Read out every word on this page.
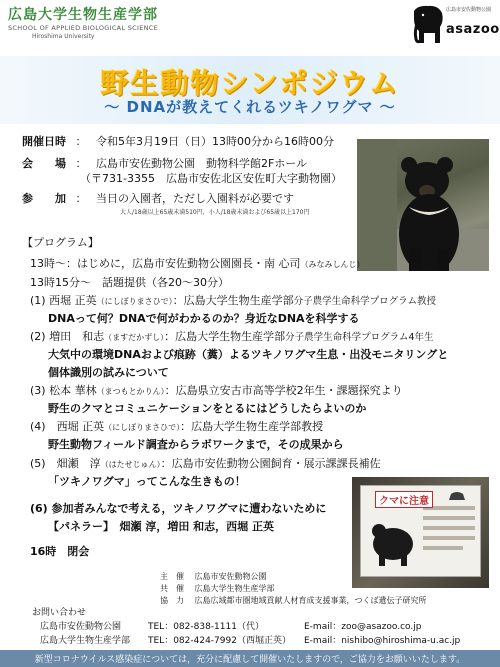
広島大学生物生産学部
SCHOOL OF APPLIED BIOLOGICAL SCIENCE
Hiroshima University
広島市安佐動物公園
asazoo
野生動物シンポジウム
～ DNAが教えてくれるツキノワグマ ～
開催日時 ： 令和5年3月19日（日）13時00分から16時00分
会　　場 ： 広島市安佐動物公園　動物科学館2Fホール
（〒731-3355　広島市安佐北区安佐町大字動物園）
参　　加 ： 当日の入園者，ただし入園料が必要です
大人/18歳以上65歳未満510円，小人/18歳未満および65歳以上170円
【プログラム】
13時～：はじめに，広島市安佐動物公園園長・南 心司（みなみしんじ）
13時15分～　話題提供（各20～30分）
(1) 西堀 正英（にしぼりまさひで）：広島大学生物生産学部分子農学生命科学プログラム教授
DNAって何？DNAで何がわかるのか？身近なDNAを科学する
(2) 増田　和志（ますだかずし）：広島大学生物生産学部分子農学生命科学プログラム4年生
大気中の環境DNAおよび痕跡（糞）よるツキノワグマ生息・出没モニタリングと
個体識別の試みについて
(3) 松本 華林（まつもとかりん）：広島県立安古市高等学校2年生・課題探究より
野生のクマとコミュニケーションをとるにはどうしたらよいのか
(4)　西堀 正英（にしぼりまさひで）：広島大学生物生産学部教授
野生動物フィールド調査からラボワークまで，その成果から
(5)　畑瀬　淳（はたせじゅん）：広島市安佐動物公園飼育・展示課課長補佐
「ツキノワグマ」ってこんな生きもの！
(6) 参加者みんなで考える，ツキノワグマに遭わないために
【パネラー】　畑瀬 淳，増田 和志，西堀 正英
16時　閉会
クマに注意
主　催 広島市安佐動物公園
共　催 広島大学生物生産学部
協　力 広島広域都市圏地域貢献人材育成支援事業，つくば遺伝子研究所
お問い合わせ
広島市安佐動物公園	TEL：082-838-1111（代）	E-mail：zoo@asazoo.co.jp
広島大学生物生産学部 TEL：082-424-7992（西堀正英） E-mail：nishibo@hiroshima-u.ac.jp
新型コロナウイルス感染症については，充分に配慮して開催いたしますので，ご協力をお願いいたします。
